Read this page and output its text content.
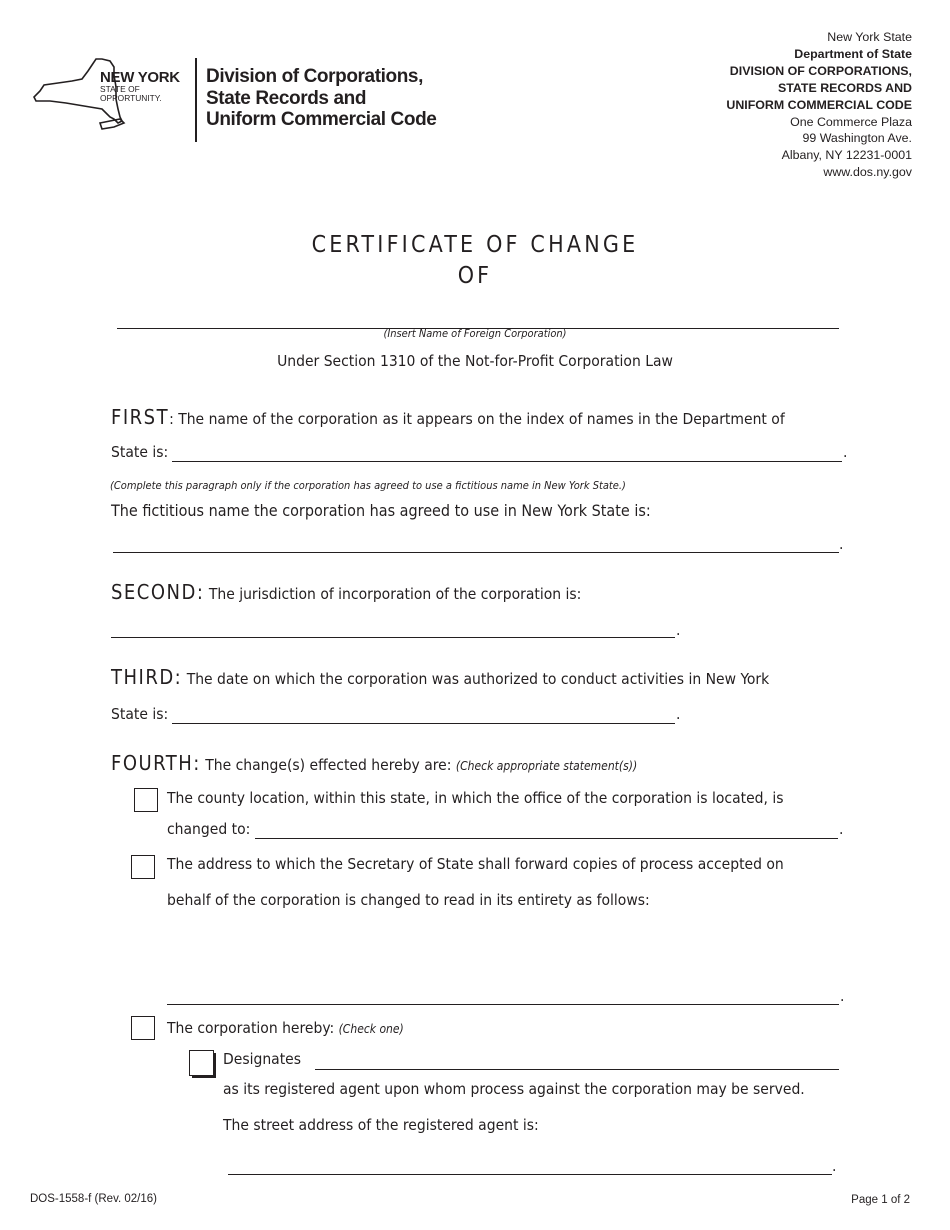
NEW YORK
STATE OF
OPPORTUNITY.
Division of Corporations,
State Records and
Uniform Commercial Code
New York State
Department of State
DIVISION OF CORPORATIONS,
STATE RECORDS AND
UNIFORM COMMERCIAL CODE
One Commerce Plaza
99 Washington Ave.
Albany, NY 12231-0001
www.dos.ny.gov
CERTIFICATE OF CHANGE
OF
(Insert Name of Foreign Corporation)
Under Section 1310 of the Not-for-Profit Corporation Law
FIRST: The name of the corporation as it appears on the index of names in the Department of
State is:	.
(Complete this paragraph only if the corporation has agreed to use a fictitious name in New York State.)
The fictitious name the corporation has agreed to use in New York State is:
.
SECOND: The jurisdiction of incorporation of the corporation is:
.
THIRD: The date on which the corporation was authorized to conduct activities in New York
State is:	.
FOURTH: The change(s) effected hereby are: (Check appropriate statement(s))
The county location, within this state, in which the office of the corporation is located, is
changed to:	.
The address to which the Secretary of State shall forward copies of process accepted on
behalf of the corporation is changed to read in its entirety as follows:
.
The corporation hereby: (Check one)
Designates
as its registered agent upon whom process against the corporation may be served.
The street address of the registered agent is:
.
DOS-1558-f (Rev. 02/16)	Page 1 of 2
